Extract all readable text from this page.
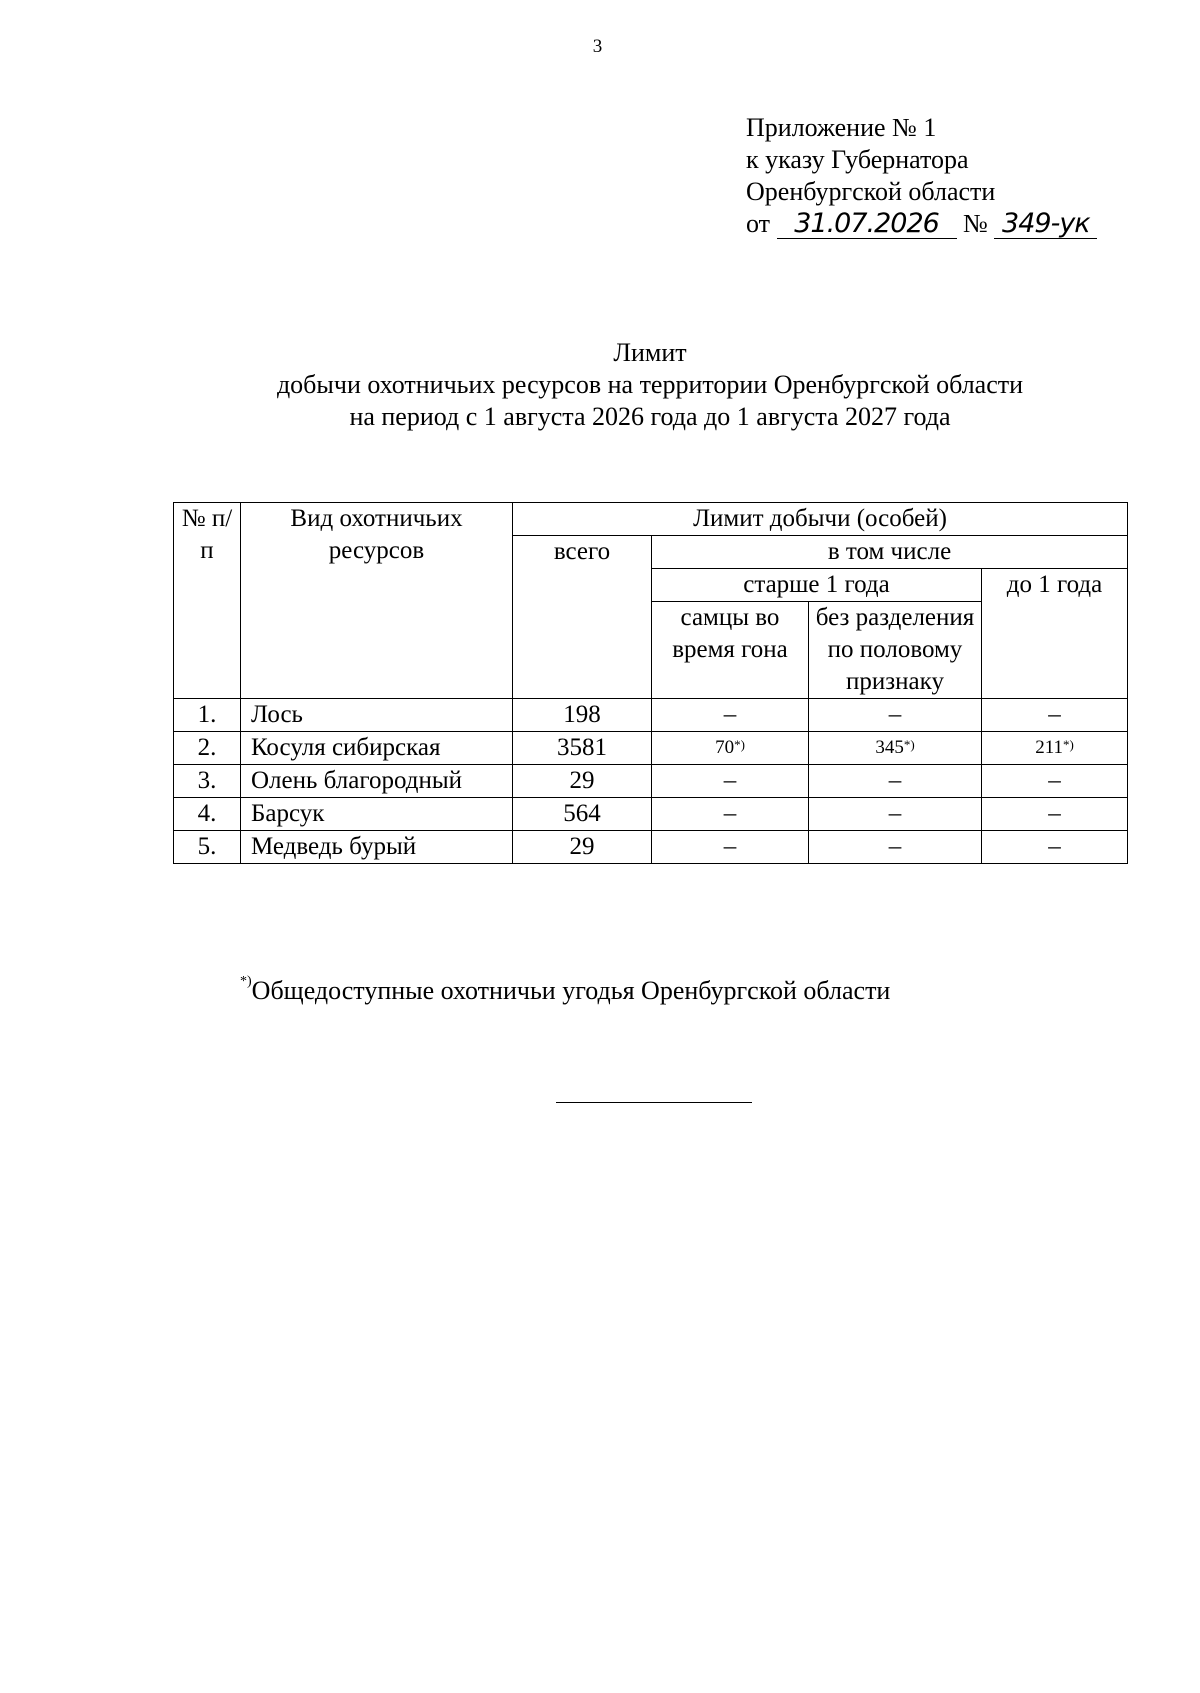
3
Приложение № 1
к указу Губернатора
Оренбургской области
от 31.07.2026 № 349-ук
Лимит
добычи охотничьих ресурсов на территории Оренбургской области
на период с 1 августа 2026 года до 1 августа 2027 года
№ п/п	Вид охотничьих ресурсов	Лимит добычи (особей)			
		всего	в том числе		
			старше 1 года		до 1 года
			самцы во время гона	без разделения по половому признаку	
1.	Лось	198	–	–	–
2.	Косуля сибирская	3581	70*)	345*)	211*)
3.	Олень благородный	29	–	–	–
4.	Барсук	564	–	–	–
5.	Медведь бурый	29	–	–	–
*)Общедоступные охотничьи угодья Оренбургской области
